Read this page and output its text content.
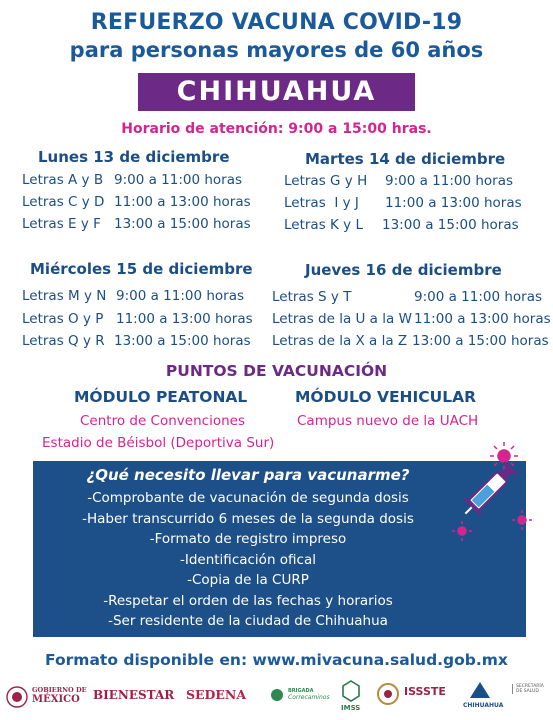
REFUERZO VACUNA COVID-19
para personas mayores de 60 años
CHIHUAHUA
Horario de atención: 9:00 a 15:00 hras.
Lunes 13 de diciembre
Letras A y B 9:00 a 11:00 horas
Letras C y D 11:00 a 13:00 horas
Letras E y F 13:00 a 15:00 horas
Martes 14 de diciembre
Letras G y H 9:00 a 11:00 horas
Letras  I y J 11:00 a 13:00 horas
Letras K y L 13:00 a 15:00 horas
Miércoles 15 de diciembre
Letras M y N 9:00 a 11:00 horas
Letras O y P 11:00 a 13:00 horas
Letras Q y R 13:00 a 15:00 horas
Jueves 16 de diciembre
Letras S y T	9:00 a 11:00 horas
Letras de la U a la W 11:00 a 13:00 horas
Letras de la X a la Z 13:00 a 15:00 horas
PUNTOS DE VACUNACIÓN
MÓDULO PEATONAL	MÓDULO VEHICULAR
Centro de Convenciones
Estadio de Béisbol (Deportiva Sur)
Campus nuevo de la UACH
¿Qué necesito llevar para vacunarme?
-Comprobante de vacunación de segunda dosis
-Haber transcurrido 6 meses de la segunda dosis
-Formato de registro impreso
-Identificación ofical
-Copia de la CURP
-Respetar el orden de las fechas y horarios
-Ser residente de la ciudad de Chihuahua
Formato disponible en: www.mivacuna.salud.gob.mx
GOBIERNO DE
MÉXICO BIENESTAR SEDENA	BRIGADA
Correcaminos
IMSS
ISSSTE
CHIHUAHUA
SECRETARÍA
DE SALUD
